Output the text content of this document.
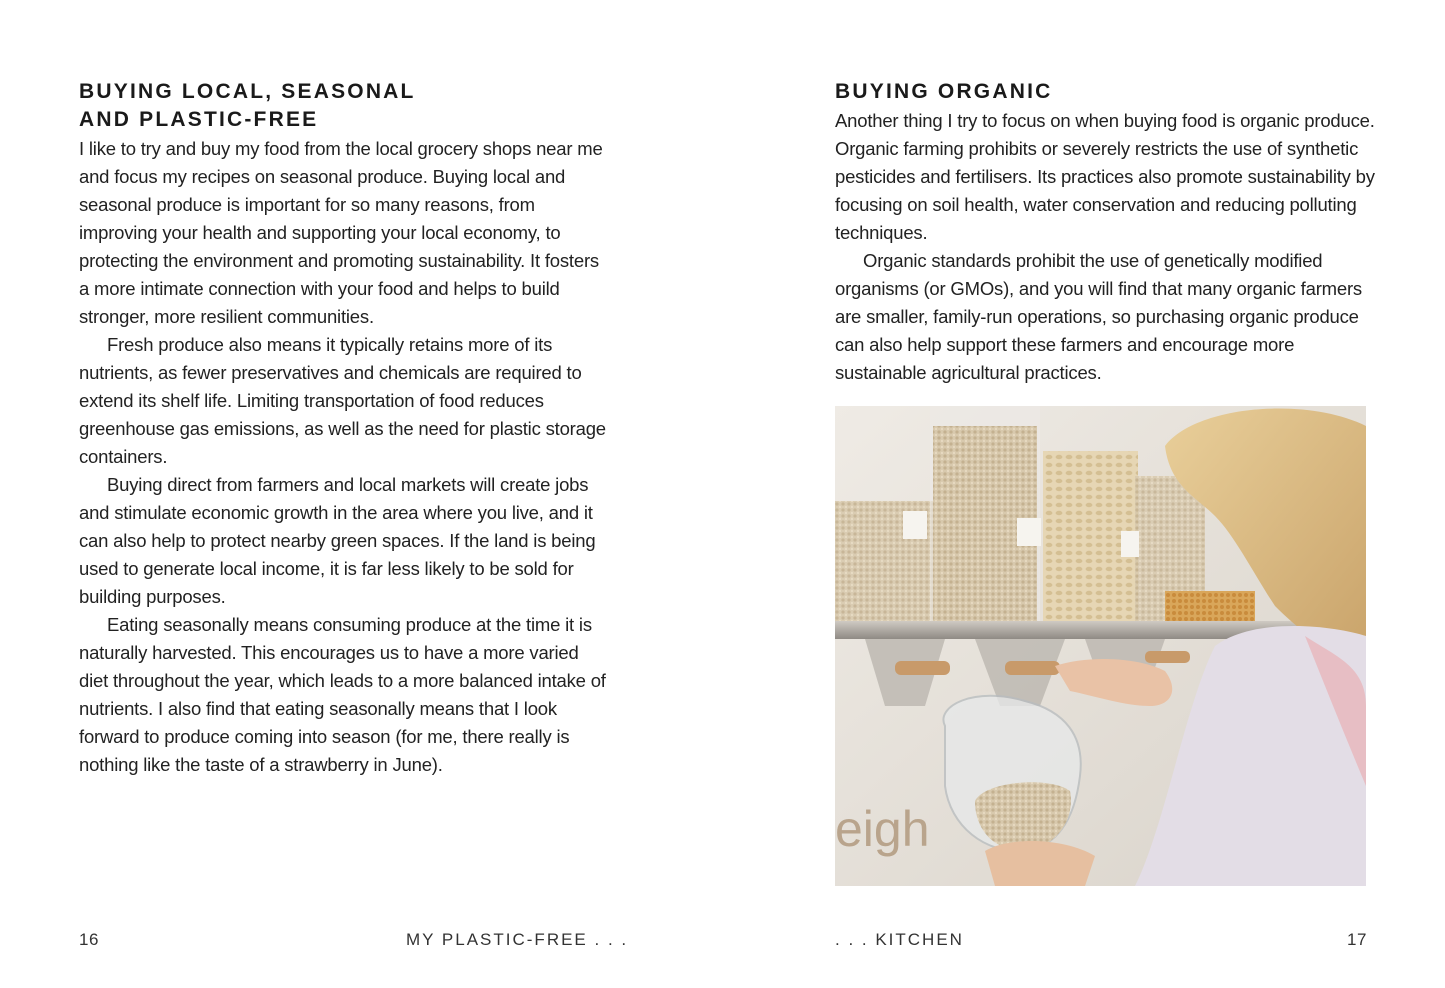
BUYING LOCAL, SEASONAL
AND PLASTIC-FREE

I like to try and buy my food from the local grocery shops near me and focus my recipes on seasonal produce. Buying local and seasonal produce is important for so many reasons, from improving your health and supporting your local economy, to protecting the environment and promoting sustainability. It fosters a more intimate connection with your food and helps to build stronger, more resilient communities.

Fresh produce also means it typically retains more of its nutrients, as fewer preservatives and chemicals are required to extend its shelf life. Limiting transportation of food reduces greenhouse gas emissions, as well as the need for plastic storage containers.

Buying direct from farmers and local markets will create jobs and stimulate economic growth in the area where you live, and it can also help to protect nearby green spaces. If the land is being used to generate local income, it is far less likely to be sold for building purposes.

Eating seasonally means consuming produce at the time it is naturally harvested. This encourages us to have a more varied diet throughout the year, which leads to a more balanced intake of nutrients. I also find that eating seasonally means that I look forward to produce coming into season (for me, there really is nothing like the taste of a strawberry in June).

16	MY PLASTIC-FREE . . .
BUYING ORGANIC

Another thing I try to focus on when buying food is organic produce. Organic farming prohibits or severely restricts the use of synthetic pesticides and fertilisers. Its practices also promote sustainability by focusing on soil health, water conservation and reducing polluting techniques.

Organic standards prohibit the use of genetically modified organisms (or GMOs), and you will find that many organic farmers are smaller, family-run operations, so purchasing organic produce can also help support these farmers and encourage more sustainable agricultural practices.

eigh
. . . KITCHEN	17
